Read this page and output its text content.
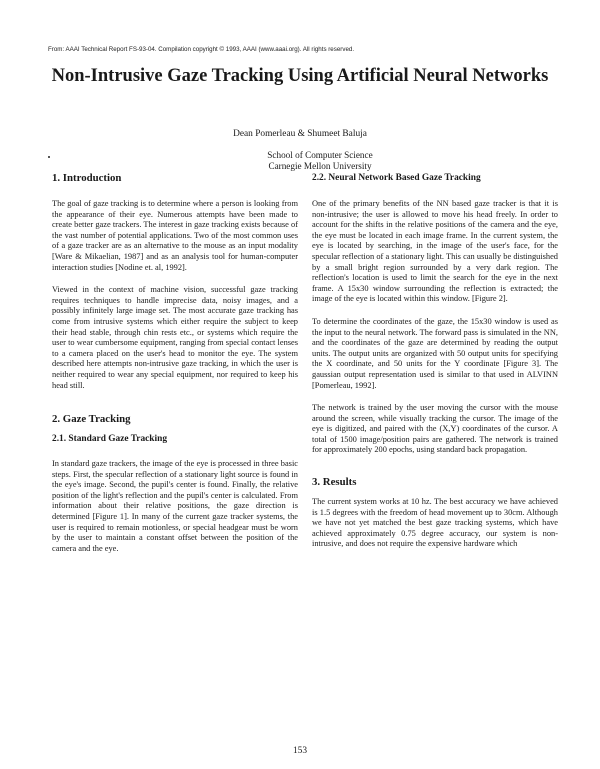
From: AAAI Technical Report FS-93-04. Compilation copyright © 1993, AAAI (www.aaai.org). All rights reserved.
Non-Intrusive Gaze Tracking Using Artificial Neural Networks
Dean Pomerleau & Shumeet Baluja
School of Computer Science
Carnegie Mellon University
1. Introduction

The goal of gaze tracking is to determine where a person is looking from the appearance of their eye. Numerous attempts have been made to create better gaze trackers. The interest in gaze tracking exists because of the vast number of potential applications. Two of the most common uses of a gaze tracker are as an alternative to the mouse as an input modality [Ware & Mikaelian, 1987] and as an analysis tool for human-computer interaction studies [Nodine et. al, 1992].

Viewed in the context of machine vision, successful gaze tracking requires techniques to handle imprecise data, noisy images, and a possibly infinitely large image set. The most accurate gaze tracking has come from intrusive systems which either require the subject to keep their head stable, through chin rests etc., or systems which require the user to wear cumbersome equipment, ranging from special contact lenses to a camera placed on the user's head to monitor the eye. The system described here attempts non-intrusive gaze tracking, in which the user is neither required to wear any special equipment, nor required to keep his head still.

2. Gaze Tracking
2.1. Standard Gaze Tracking

In standard gaze trackers, the image of the eye is processed in three basic steps. First, the specular reflection of a stationary light source is found in the eye's image. Second, the pupil's center is found. Finally, the relative position of the light's reflection and the pupil's center is calculated. From information about their relative positions, the gaze direction is determined [Figure 1]. In many of the current gaze tracker systems, the user is required to remain motionless, or special headgear must be worn by the user to maintain a constant offset between the position of the camera and the eye.

2.2. Neural Network Based Gaze Tracking

One of the primary benefits of the NN based gaze tracker is that it is non-intrusive; the user is allowed to move his head freely. In order to account for the shifts in the relative positions of the camera and the eye, the eye must be located in each image frame. In the current system, the eye is located by searching, in the image of the user's face, for the specular reflection of a stationary light. This can usually be distinguished by a small bright region surrounded by a very dark region. The reflection's location is used to limit the search for the eye in the next frame. A 15x30 window surrounding the reflection is extracted; the image of the eye is located within this window. [Figure 2].

To determine the coordinates of the gaze, the 15x30 window is used as the input to the neural network. The forward pass is simulated in the NN, and the coordinates of the gaze are determined by reading the output units. The output units are organized with 50 output units for specifying the X coordinate, and 50 units for the Y coordinate [Figure 3]. The gaussian output representation used is similar to that used in ALVINN [Pomerleau, 1992].

The network is trained by the user moving the cursor with the mouse around the screen, while visually tracking the cursor. The image of the eye is digitized, and paired with the (X,Y) coordinates of the cursor. A total of 1500 image/position pairs are gathered. The network is trained for approximately 200 epochs, using standard back propagation.

3. Results

The current system works at 10 hz. The best accuracy we have achieved is 1.5 degrees with the freedom of head movement up to 30cm. Although we have not yet matched the best gaze tracking systems, which have achieved approximately 0.75 degree accuracy, our system is non-intrusive, and does not require the expensive hardware which

153
